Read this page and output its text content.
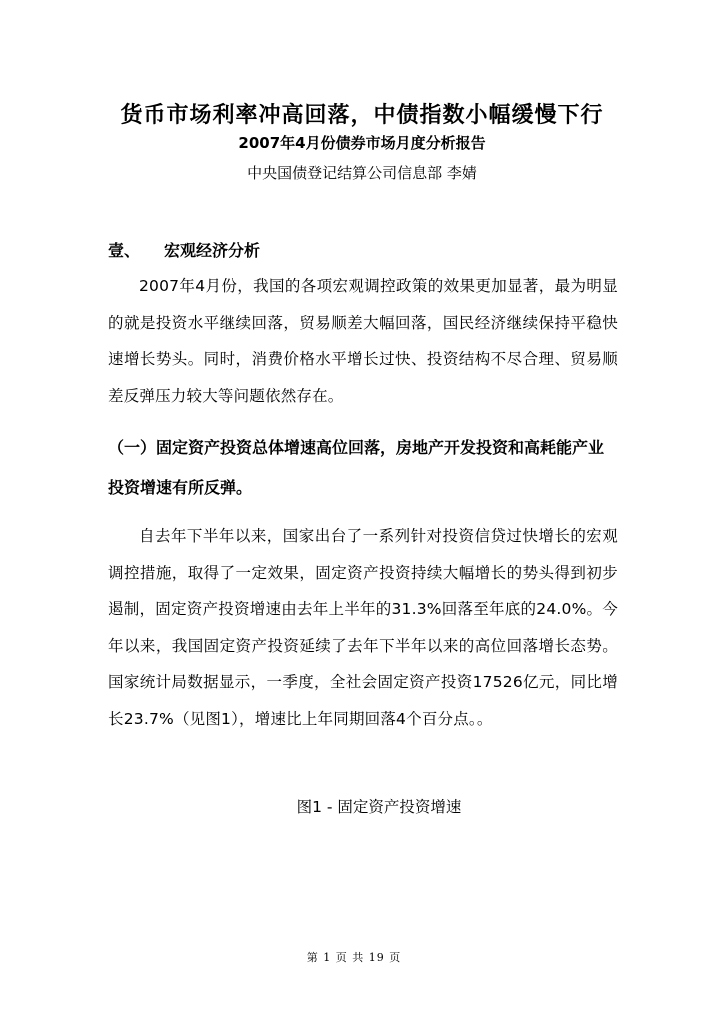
货币市场利率冲高回落，中债指数小幅缓慢下行
2007年4月份债券市场月度分析报告
中央国债登记结算公司信息部 李婧
壹、 宏观经济分析

2007年4月份，我国的各项宏观调控政策的效果更加显著，最为明显的就是投资水平继续回落，贸易顺差大幅回落，国民经济继续保持平稳快速增长势头。同时，消费价格水平增长过快、投资结构不尽合理、贸易顺差反弹压力较大等问题依然存在。

（一）固定资产投资总体增速高位回落，房地产开发投资和高耗能产业投资增速有所反弹。

自去年下半年以来，国家出台了一系列针对投资信贷过快增长的宏观调控措施，取得了一定效果，固定资产投资持续大幅增长的势头得到初步遏制，固定资产投资增速由去年上半年的31.3%回落至年底的24.0%。今年以来，我国固定资产投资延续了去年下半年以来的高位回落增长态势。国家统计局数据显示，一季度，全社会固定资产投资17526亿元，同比增长23.7%（见图1），增速比上年同期回落4个百分点。。

图1 - 固定资产投资增速
第 1 页 共 19 页
